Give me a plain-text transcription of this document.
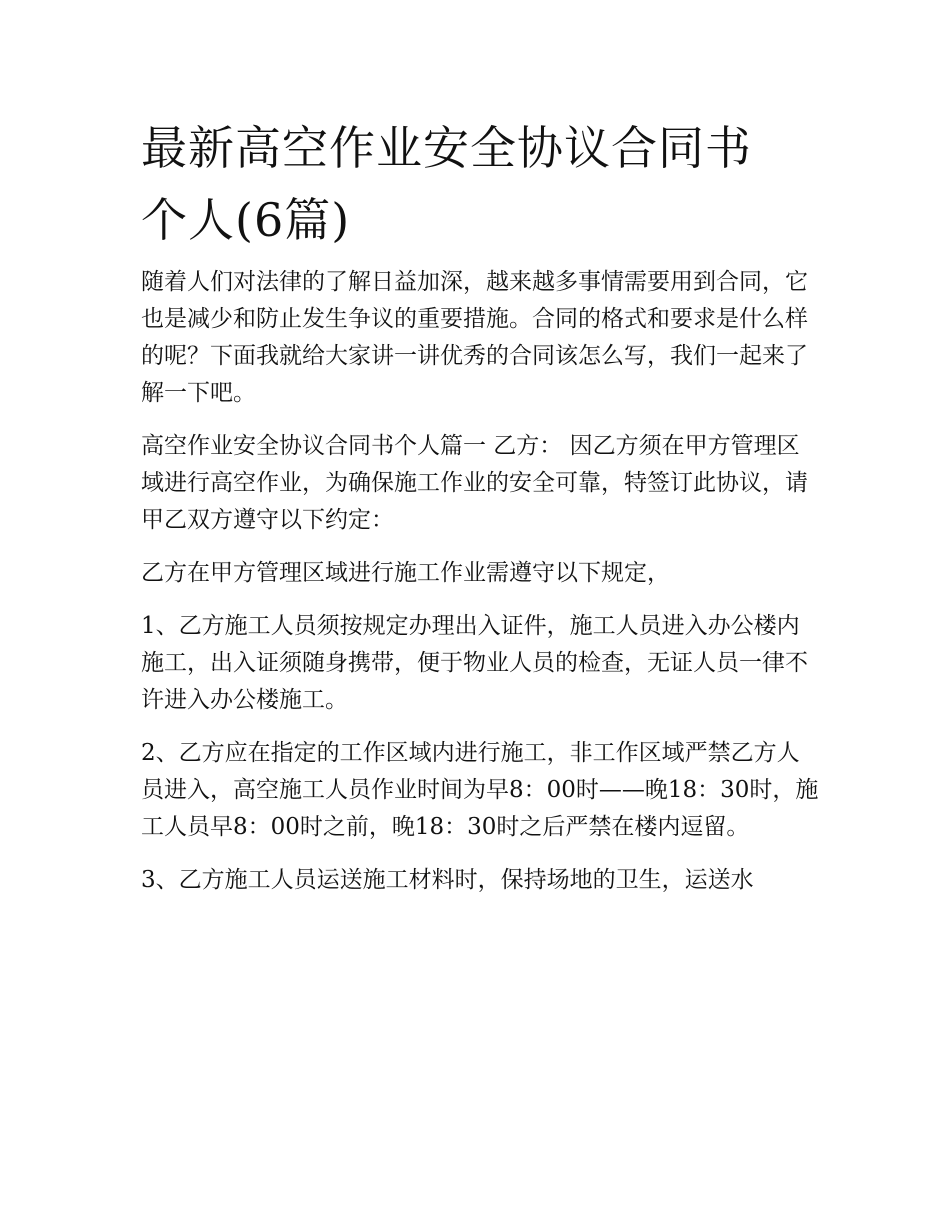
最新高空作业安全协议合同书
个人(6篇)

随着人们对法律的了解日益加深，越来越多事情需要用到合同，它也是减少和防止发生争议的重要措施。合同的格式和要求是什么样的呢？下面我就给大家讲一讲优秀的合同该怎么写，我们一起来了解一下吧。

高空作业安全协议合同书个人篇一 乙方： 因乙方须在甲方管理区域进行高空作业，为确保施工作业的安全可靠，特签订此协议，请甲乙双方遵守以下约定：

乙方在甲方管理区域进行施工作业需遵守以下规定，

1、乙方施工人员须按规定办理出入证件，施工人员进入办公楼内施工，出入证须随身携带，便于物业人员的检查，无证人员一律不许进入办公楼施工。

2、乙方应在指定的工作区域内进行施工，非工作区域严禁乙方人员进入，高空施工人员作业时间为早8：00时——晚18：30时，施工人员早8：00时之前，晚18：30时之后严禁在楼内逗留。

3、乙方施工人员运送施工材料时，保持场地的卫生，运送水
